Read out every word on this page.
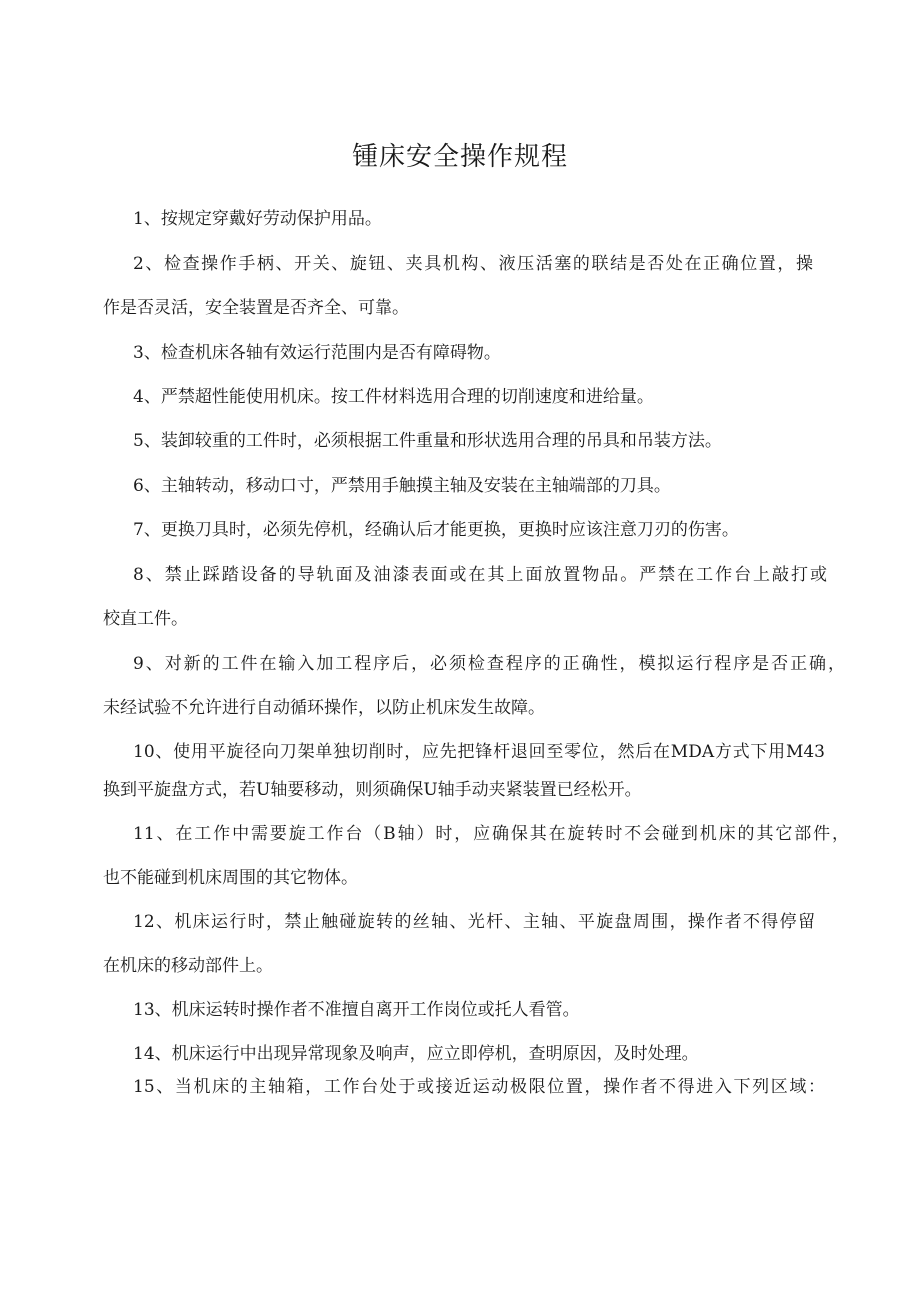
锺床安全操作规程
1、按规定穿戴好劳动保护用品。
2、检查操作手柄、开关、旋钮、夹具机构、液压活塞的联结是否处在正确位置，操
作是否灵活，安全装置是否齐全、可靠。
3、检查机床各轴有效运行范围内是否有障碍物。
4、严禁超性能使用机床。按工件材料选用合理的切削速度和进给量。
5、装卸较重的工件时，必须根据工件重量和形状选用合理的吊具和吊装方法。
6、主轴转动，移动口寸，严禁用手触摸主轴及安装在主轴端部的刀具。
7、更换刀具时，必须先停机，经确认后才能更换，更换时应该注意刀刃的伤害。
8、禁止踩踏设备的导轨面及油漆表面或在其上面放置物品。严禁在工作台上敲打或
校直工件。
9、对新的工件在输入加工程序后，必须检查程序的正确性，模拟运行程序是否正确，
未经试验不允许进行自动循环操作，以防止机床发生故障。
10、使用平旋径向刀架单独切削时，应先把锋杆退回至零位，然后在MDA方式下用M43
换到平旋盘方式，若U轴要移动，则须确保U轴手动夹紧装置已经松开。
11、在工作中需要旋工作台（B轴）时，应确保其在旋转时不会碰到机床的其它部件，
也不能碰到机床周围的其它物体。
12、机床运行时，禁止触碰旋转的丝轴、光杆、主轴、平旋盘周围，操作者不得停留
在机床的移动部件上。
13、机床运转时操作者不准擅自离开工作岗位或托人看管。
14、机床运行中出现异常现象及响声，应立即停机，查明原因，及时处理。
15、当机床的主轴箱，工作台处于或接近运动极限位置，操作者不得进入下列区域：
